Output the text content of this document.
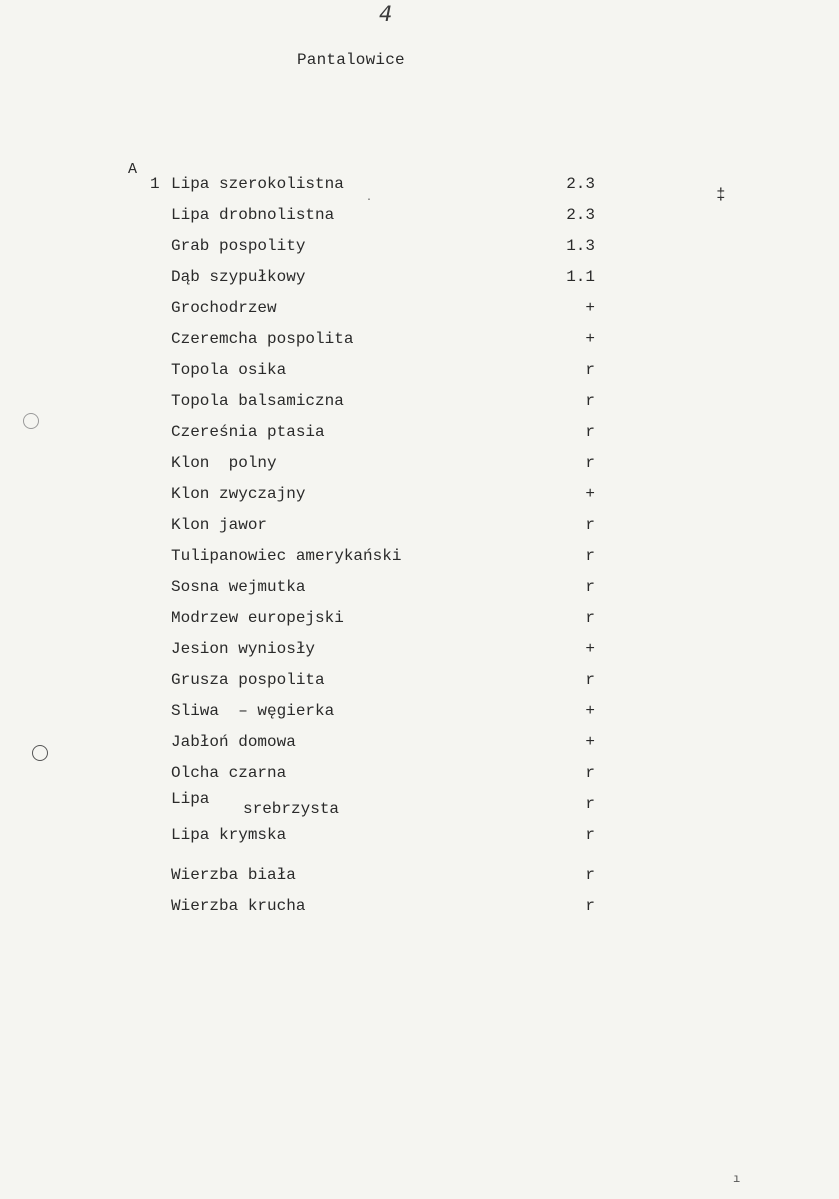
4
Pantalowice
A
1 Lipa szerokolistna	2.3
Lipa drobnolistna	2.3
Grab pospolity	1.3
Dąb szypułkowy	1.1
Grochodrzew	+
Czeremcha pospolita	+
Topola osika	r
Topola balsamiczna	r
Czereśnia ptasia	r
Klon  polny	r
Klon zwyczajny	+
Klon jawor	r
Tulipanowiec amerykański	r
Sosna wejmutka	r
Modrzew europejski	r
Jesion wyniosły	+
Grusza pospolita	r
Sliwa  – węgierka	+
Jabłoń domowa	+
Olcha czarna	r
Lipa
srebrzysta	r
Lipa krymska	r
Wierzba biała	r
Wierzba krucha	r
‡
·
ı
